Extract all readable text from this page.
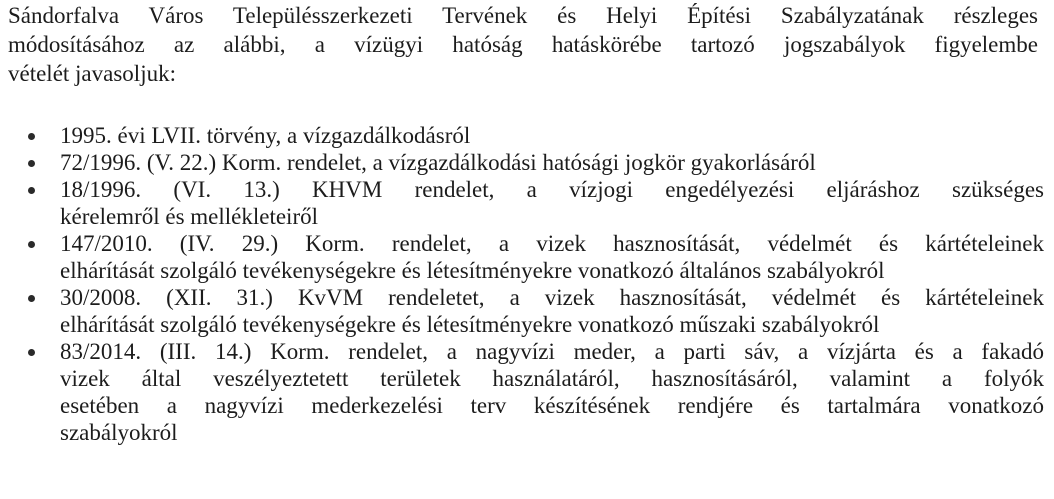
Sándorfalva Város Településszerkezeti Tervének és Helyi Építési Szabályzatának részleges
módosításához az alábbi, a vízügyi hatóság hatáskörébe tartozó jogszabályok figyelembe
vételét javasoljuk:

1995. évi LVII. törvény, a vízgazdálkodásról
72/1996. (V. 22.) Korm. rendelet, a vízgazdálkodási hatósági jogkör gyakorlásáról
18/1996. (VI. 13.) KHVM rendelet, a vízjogi engedélyezési eljáráshoz szükséges
kérelemről és mellékleteiről
147/2010. (IV. 29.) Korm. rendelet, a vizek hasznosítását, védelmét és kártételeinek
elhárítását szolgáló tevékenységekre és létesítményekre vonatkozó általános szabályokról
30/2008. (XII. 31.) KvVM rendeletet, a vizek hasznosítását, védelmét és kártételeinek
elhárítását szolgáló tevékenységekre és létesítményekre vonatkozó műszaki szabályokról
83/2014. (III. 14.) Korm. rendelet, a nagyvízi meder, a parti sáv, a vízjárta és a fakadó
vizek által veszélyeztetett területek használatáról, hasznosításáról, valamint a folyók
esetében a nagyvízi mederkezelési terv készítésének rendjére és tartalmára vonatkozó
szabályokról
